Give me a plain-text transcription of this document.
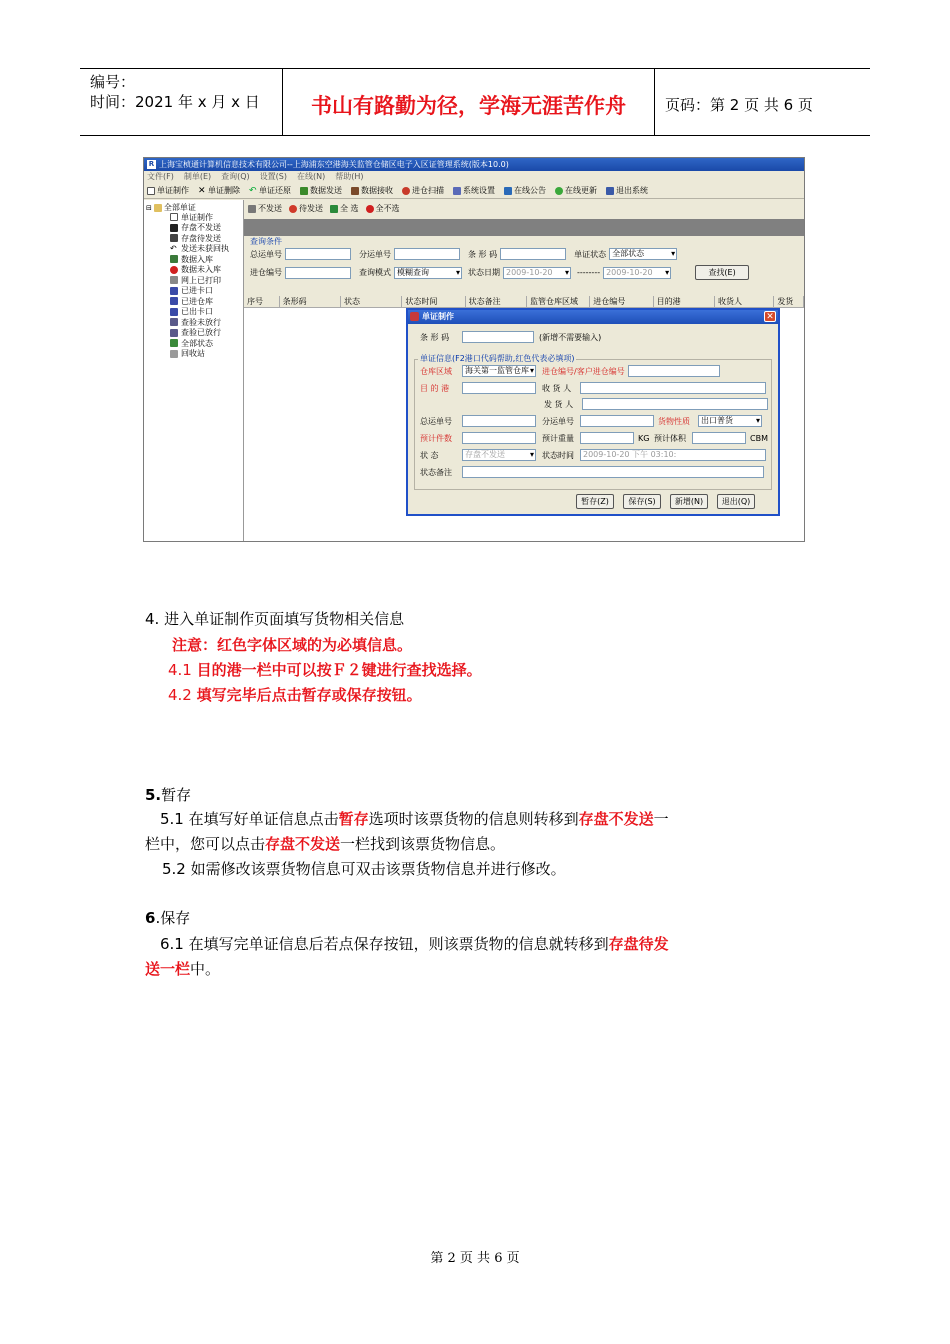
编号：
时间：2021 年 x 月 x 日	书山有路勤为径，学海无涯苦作舟	页码：第 2 页 共 6 页
R 上海宝桢通计算机信息技术有限公司--上海浦东空港海关监管仓储区电子入区证管理系统(版本10.0)
文件(F) 制单(E) 查询(Q) 设置(S) 在线(N) 帮助(H)
单证制作 ✕ 单证删除 ↶ 单证还原 数据发送 数据接收 进仓扫描 系统设置 在线公告 在线更新 退出系统
⊟ 全部单证
单证制作
存盘不发送
存盘待发送
↶ 发送未获回执
数据入库
数据未入库
网上已打印
已进卡口
已进仓库
已出卡口
查验未放行
查验已放行
全部状态
回收站
不发送 待发送 全 选 全不选
查询条件
总运单号	分运单号	条 形 码	单证状态 全部状态 ▾
进仓编号	查询模式 模糊查询 ▾	状态日期 2009-10-20 ▾	-------- 2009-10-20 ▾	查找(E)
序号	条形码	状态	状态时间	状态备注	监管仓库区域	进仓编号	目的港	收货人	发货
单证制作	✕
条 形 码	(新增不需要输入)
单证信息(F2港口代码帮助,红色代表必填项)
仓库区域	海关第一监管仓库 ▾	进仓编号/客户进仓编号
目 的 港	收 货 人
发 货 人
总运单号	分运单号	货物性质	出口普货 ▾
预计件数	预计重量	KG 预计体积	CBM
状 态	存盘不发送 ▾	状态时间	2009-10-20 下午 03:10:
状态备注
暂存(Z)	保存(S)	新增(N)	退出(Q)
4. 进入单证制作页面填写货物相关信息
注意：红色字体区域的为必填信息。
4.1 目的港一栏中可以按Ｆ２键进行查找选择。
4.2 填写完毕后点击暂存或保存按钮。
5.暂存
5.1 在填写好单证信息点击暂存选项时该票货物的信息则转移到存盘不发送一
栏中，您可以点击存盘不发送一栏找到该票货物信息。
5.2 如需修改该票货物信息可双击该票货物信息并进行修改。
6.保存
6.1 在填写完单证信息后若点保存按钮，则该票货物的信息就转移到存盘待发
送一栏中。
第 2 页 共 6 页
